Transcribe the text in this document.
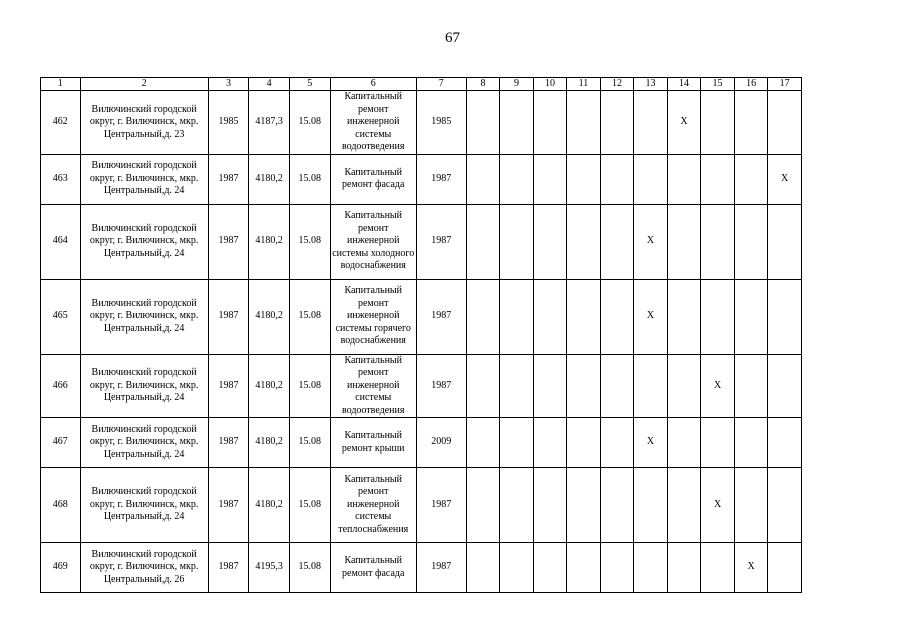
67
1	2	3	4	5	6	7	8	9	10	11	12	13	14	15	16	17
462	Вилючинский городской округ, г. Вилючинск, мкр. Центральный,д. 23	1985	4187,3	15.08	Капитальный ремонт инженерной системы водоотведения	1985							X			
463	Вилючинский городской округ, г. Вилючинск, мкр. Центральный,д. 24	1987	4180,2	15.08	Капитальный ремонт фасада	1987										X
464	Вилючинский городской округ, г. Вилючинск, мкр. Центральный,д. 24	1987	4180,2	15.08	Капитальный ремонт инженерной системы холодного водоснабжения	1987						X				
465	Вилючинский городской округ, г. Вилючинск, мкр. Центральный,д. 24	1987	4180,2	15.08	Капитальный ремонт инженерной системы горячего водоснабжения	1987						X				
466	Вилючинский городской округ, г. Вилючинск, мкр. Центральный,д. 24	1987	4180,2	15.08	Капитальный ремонт инженерной системы водоотведения	1987								X		
467	Вилючинский городской округ, г. Вилючинск, мкр. Центральный,д. 24	1987	4180,2	15.08	Капитальный ремонт крыши	2009						X				
468	Вилючинский городской округ, г. Вилючинск, мкр. Центральный,д. 24	1987	4180,2	15.08	Капитальный ремонт инженерной системы теплоснабжения	1987								X		
469	Вилючинский городской округ, г. Вилючинск, мкр. Центральный,д. 26	1987	4195,3	15.08	Капитальный ремонт фасада	1987									X	
